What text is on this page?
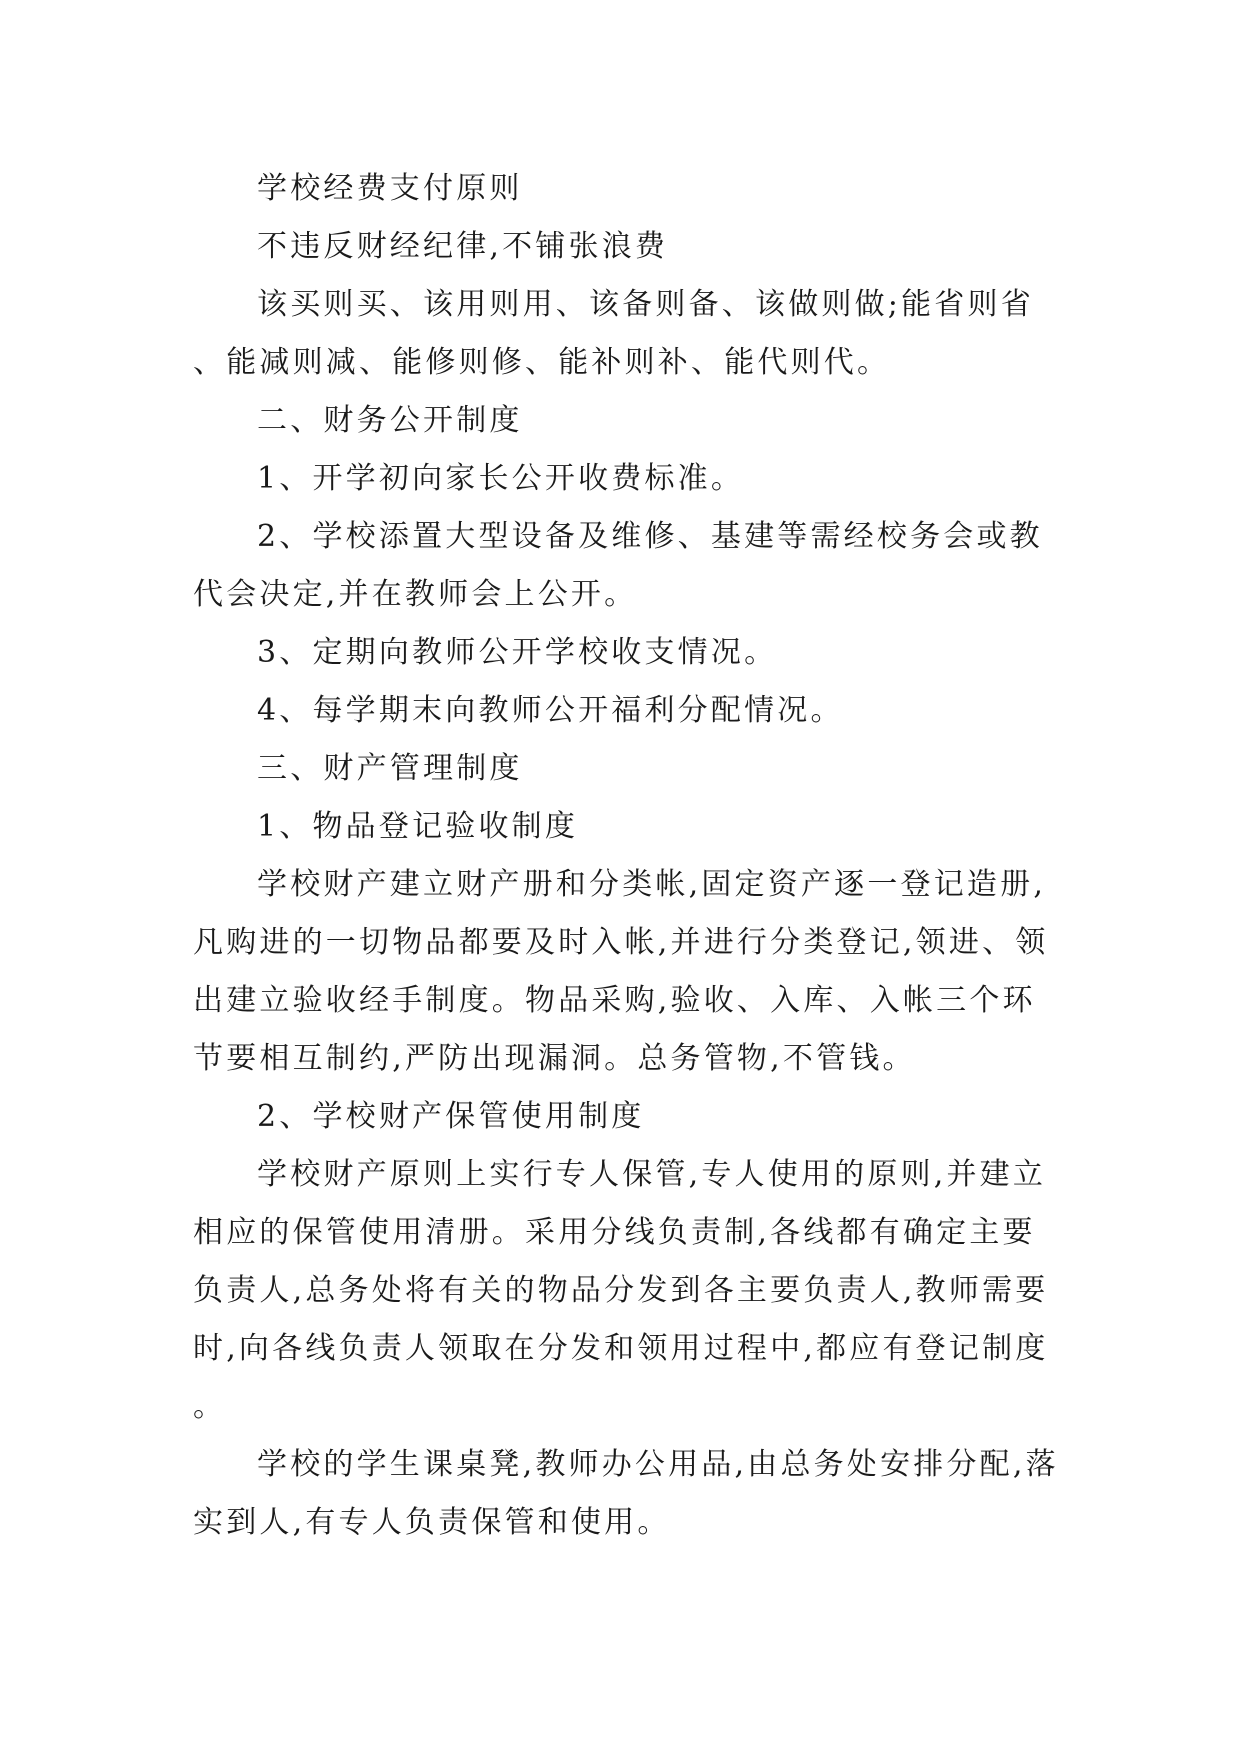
学校经费支付原则

不违反财经纪律,不铺张浪费

该买则买、该用则用、该备则备、该做则做;能省则省、能减则减、能修则修、能补则补、能代则代。

二、财务公开制度

1、开学初向家长公开收费标准。

2、学校添置大型设备及维修、基建等需经校务会或教代会决定,并在教师会上公开。

3、定期向教师公开学校收支情况。

4、每学期末向教师公开福利分配情况。

三、财产管理制度

1、物品登记验收制度

学校财产建立财产册和分类帐,固定资产逐一登记造册,凡购进的一切物品都要及时入帐,并进行分类登记,领进、领出建立验收经手制度。物品采购,验收、入库、入帐三个环节要相互制约,严防出现漏洞。总务管物,不管钱。

2、学校财产保管使用制度

学校财产原则上实行专人保管,专人使用的原则,并建立相应的保管使用清册。采用分线负责制,各线都有确定主要负责人,总务处将有关的物品分发到各主要负责人,教师需要时,向各线负责人领取在分发和领用过程中,都应有登记制度。

学校的学生课桌凳,教师办公用品,由总务处安排分配,落实到人,有专人负责保管和使用。
